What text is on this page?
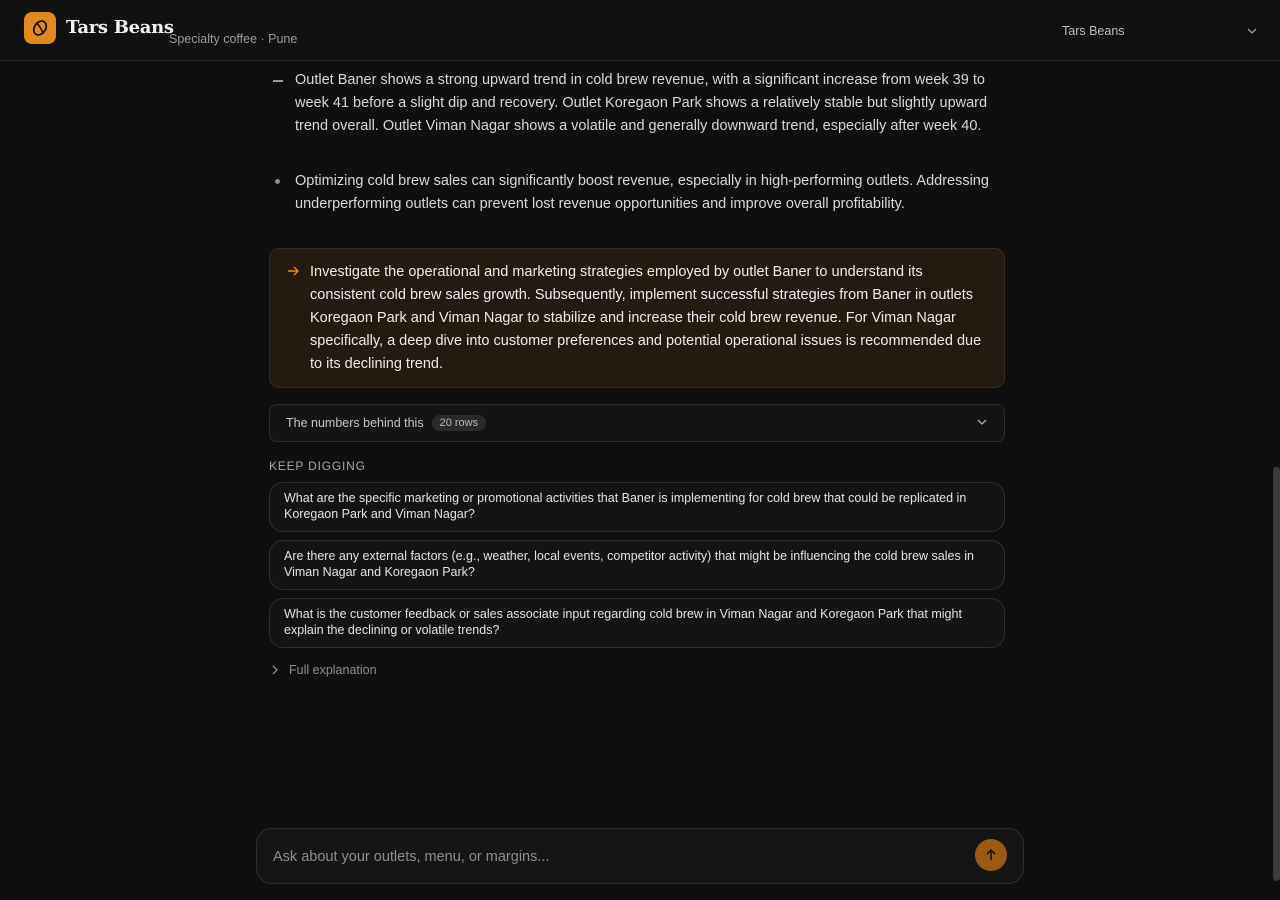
Tars Beans
Specialty coffee · Pune
Tars Beans
Outlet Baner shows a strong upward trend in cold brew revenue, with a significant increase from week 39 to week 41 before a slight dip and recovery. Outlet Koregaon Park shows a relatively stable but slightly upward trend overall. Outlet Viman Nagar shows a volatile and generally downward trend, especially after week 40.
Optimizing cold brew sales can significantly boost revenue, especially in high-performing outlets. Addressing underperforming outlets can prevent lost revenue opportunities and improve overall profitability.
Investigate the operational and marketing strategies employed by outlet Baner to understand its consistent cold brew sales growth. Subsequently, implement successful strategies from Baner in outlets Koregaon Park and Viman Nagar to stabilize and increase their cold brew revenue. For Viman Nagar specifically, a deep dive into customer preferences and potential operational issues is recommended due to its declining trend.
The numbers behind this	20 rows
KEEP DIGGING
What are the specific marketing or promotional activities that Baner is implementing for cold brew that could be replicated in Koregaon Park and Viman Nagar?
Are there any external factors (e.g., weather, local events, competitor activity) that might be influencing the cold brew sales in Viman Nagar and Koregaon Park?
What is the customer feedback or sales associate input regarding cold brew in Viman Nagar and Koregaon Park that might explain the declining or volatile trends?
Full explanation
Ask about your outlets, menu, or margins...
